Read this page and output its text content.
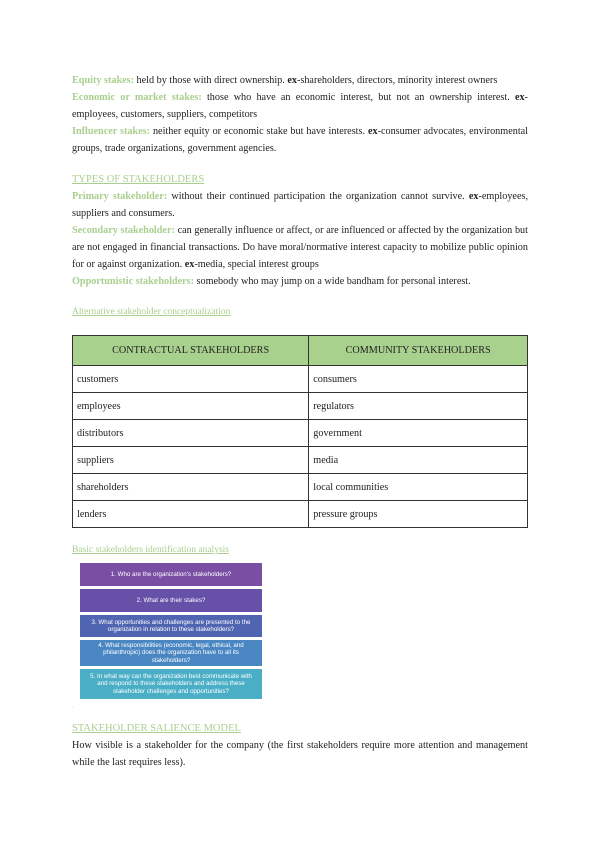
Equity stakes: held by those with direct ownership. ex-shareholders, directors, minority interest owners

Economic or market stakes: those who have an economic interest, but not an ownership interest. ex-employees, customers, suppliers, competitors

Influencer stakes: neither equity or economic stake but have interests. ex-consumer advocates, environmental groups, trade organizations, government agencies.

TYPES OF STAKEHOLDERS

Primary stakeholder: without their continued participation the organization cannot survive. ex-employees, suppliers and consumers.

Secondary stakeholder: can generally influence or affect, or are influenced or affected by the organization but are not engaged in financial transactions. Do have moral/normative interest capacity to mobilize public opinion for or against organization. ex-media, special interest groups

Opportunistic stakeholders: somebody who may jump on a wide bandham for personal interest.

Alternative stakeholder conceptualization
CONTRACTUAL STAKEHOLDERS	COMMUNITY STAKEHOLDERS
customers	consumers
employees	regulators
distributors	government
suppliers	media
shareholders	local communities
lenders	pressure groups
Basic stakeholders identification analysis
1. Who are the organization's stakeholders?
2. What are their stakes?
3. What opportunities and challenges are presented to the organization in relation to these stakeholders?
4. What responsibilities (economic, legal, ethical, and philanthropic) does the organization have to all its stakeholders?
5. In what way can the organization best communicate with and respond to these stakeholders and address these stakeholder challenges and opportunities?
ˈ
STAKEHOLDER SALIENCE MODEL

How visible is a stakeholder for the company (the first stakeholders require more attention and management while the last requires less).
